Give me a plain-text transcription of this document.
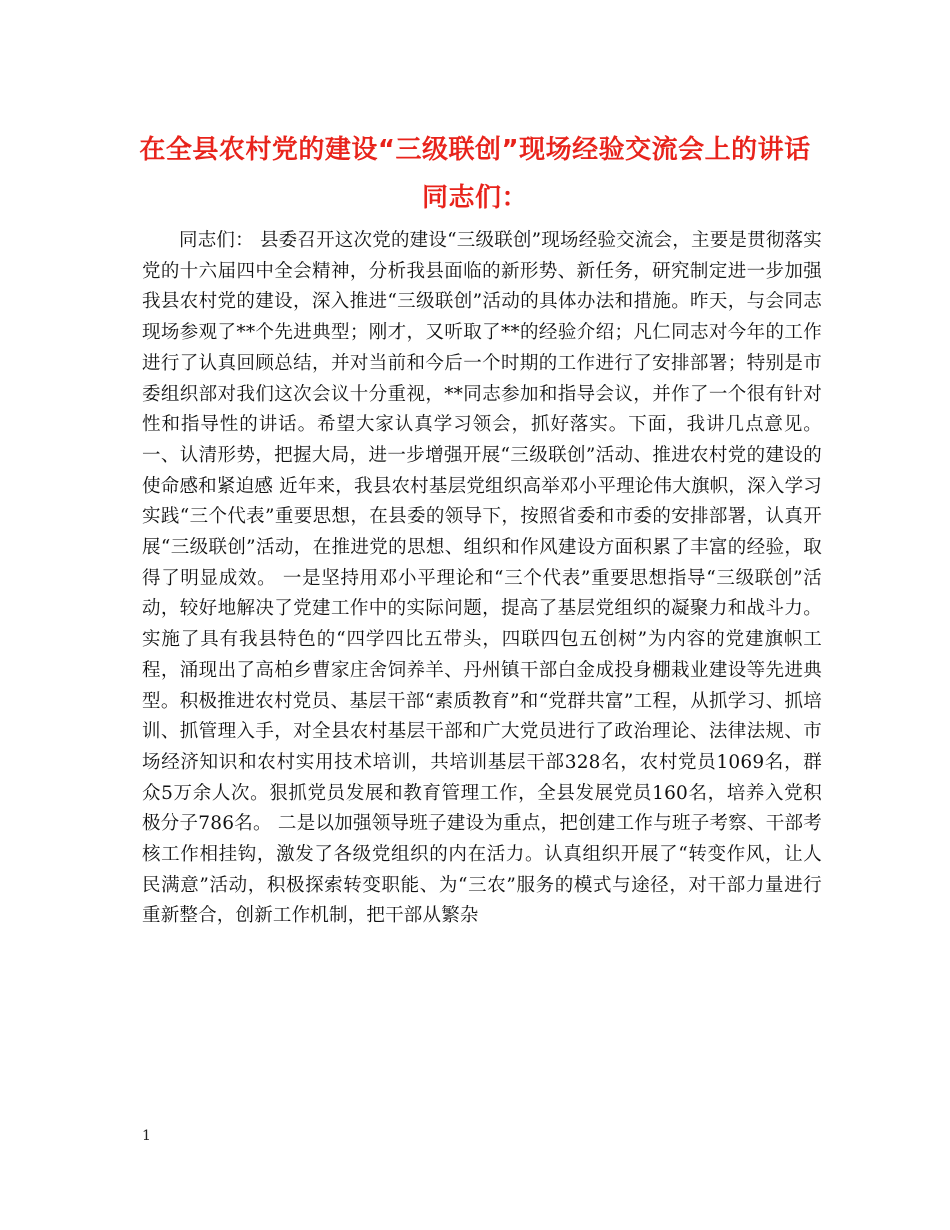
在全县农村党的建设“三级联创”现场经验交流会上的讲话 同志们：

同志们： 县委召开这次党的建设“三级联创”现场经验交流会，主要是贯彻落实党的十六届四中全会精神，分析我县面临的新形势、新任务，研究制定进一步加强我县农村党的建设，深入推进“三级联创”活动的具体办法和措施。昨天，与会同志现场参观了**个先进典型；刚才，又听取了**的经验介绍；凡仁同志对今年的工作进行了认真回顾总结，并对当前和今后一个时期的工作进行了安排部署；特别是市委组织部对我们这次会议十分重视，**同志参加和指导会议，并作了一个很有针对性和指导性的讲话。希望大家认真学习领会，抓好落实。下面，我讲几点意见。 一、认清形势，把握大局，进一步增强开展“三级联创”活动、推进农村党的建设的使命感和紧迫感 近年来，我县农村基层党组织高举邓小平理论伟大旗帜，深入学习实践“三个代表”重要思想，在县委的领导下，按照省委和市委的安排部署，认真开展“三级联创”活动，在推进党的思想、组织和作风建设方面积累了丰富的经验，取得了明显成效。 一是坚持用邓小平理论和“三个代表”重要思想指导“三级联创”活动，较好地解决了党建工作中的实际问题，提高了基层党组织的凝聚力和战斗力。实施了具有我县特色的“四学四比五带头，四联四包五创树”为内容的党建旗帜工程，涌现出了高柏乡曹家庄舍饲养羊、丹州镇干部白金成投身棚栽业建设等先进典型。积极推进农村党员、基层干部“素质教育”和“党群共富”工程，从抓学习、抓培训、抓管理入手，对全县农村基层干部和广大党员进行了政治理论、法律法规、市场经济知识和农村实用技术培训，共培训基层干部328名，农村党员1069名，群众5万余人次。狠抓党员发展和教育管理工作，全县发展党员160名，培养入党积极分子786名。 二是以加强领导班子建设为重点，把创建工作与班子考察、干部考核工作相挂钩，激发了各级党组织的内在活力。认真组织开展了“转变作风，让人民满意”活动，积极探索转变职能、为“三农”服务的模式与途径，对干部力量进行重新整合，创新工作机制，把干部从繁杂

1
